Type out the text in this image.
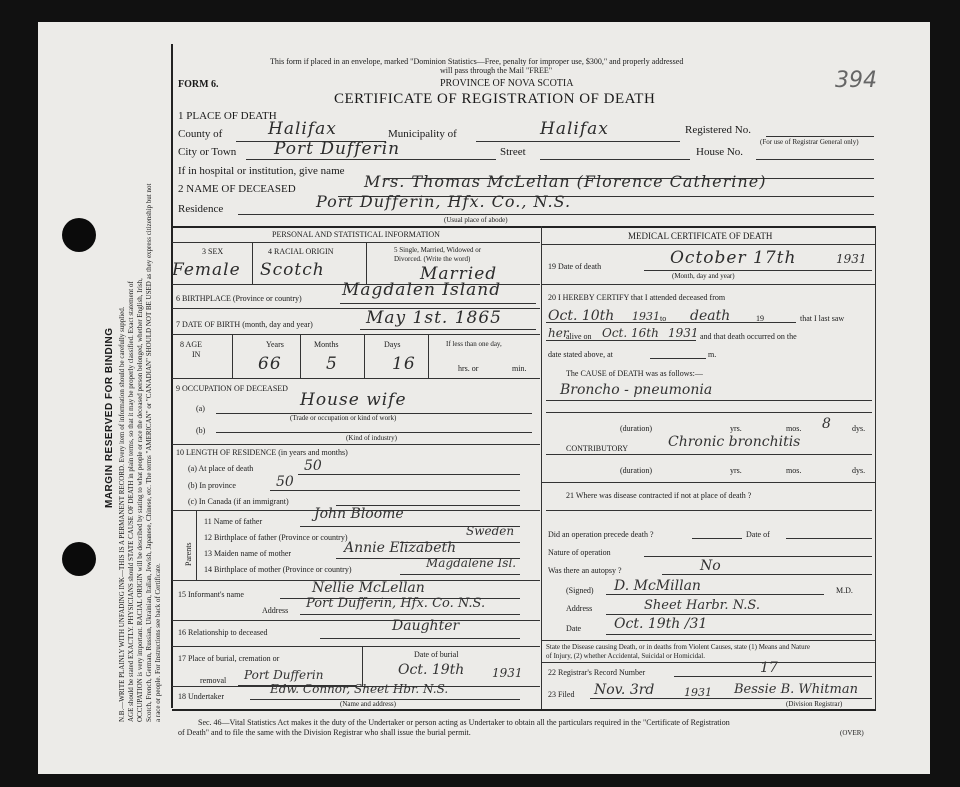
MARGIN RESERVED FOR BINDING N.B.—WRITE PLAINLY WITH UNFADING INK—THIS IS A PERMANENT RECORD. Every item of information should be carefully supplied. AGE should be stated EXACTLY. PHYSICIANS should STATE CAUSE OF DEATH in plain terms, so that it may be properly classified. Exact statement of OCCUPATION is very important. RACIAL ORIGIN will be described by stating to what people or race the deceased person belonged, whether English, Irish, Scotch, French, German, Russian, Ukrainian, Italian, Jewish, Japanese, Chinese, etc. The terms "AMERICAN" or "CANADIAN" SHOULD NOT BE USED as they express citizenship but not a race or people. For Instructions see back of Certificate.
This form if placed in an envelope, marked "Dominion Statistics—Free, penalty for improper use, $300," and properly addressed
will pass through the Mail "FREE"	394
FORM 6.	PROVINCE OF NOVA SCOTIA
CERTIFICATE OF REGISTRATION OF DEATH
1 PLACE OF DEATH
County of	Halifax	Municipality of	Halifax	Registered No.
(For use of Registrar General only)
City or Town Port Dufferin	Street	House No.
If in hospital or institution, give name
2 NAME OF DECEASED	Mrs. Thomas McLellan (Florence Catherine)
Residence	Port Dufferin, Hfx. Co., N.S.
(Usual place of abode)
PERSONAL AND STATISTICAL INFORMATION
3 SEX	4 RACIAL ORIGIN	5 Single, Married, Widowed or
Divorced. (Write the word)
Female Scotch	Married
6 BIRTHPLACE (Province or country) Magdalen Island
7 DATE OF BIRTH (month, day and year)	May 1st. 1865
8 AGE
IN
Years	Months	Days	If less than one day,
66	5	16	hrs. or	min.
9 OCCUPATION OF DECEASED
(a)	House wife
(Trade or occupation or kind of work)
(b)
(Kind of industry)
10 LENGTH OF RESIDENCE (in years and months)
(a) At place of death	50
(b) In province	50
(c) In Canada (if an immigrant)
Parents
11 Name of father	John Bloome
12 Birthplace of father (Province or country)	Sweden
13 Maiden name of mother	Annie Elizabeth
14 Birthplace of mother (Province or country)	Magdalene Isl.
15 Informant's name	Nellie McLellan
Address Port Dufferin, Hfx. Co. N.S.
16 Relationship to deceased	Daughter
17 Place of burial, cremation or
removal Port Dufferin
Date of burial
Oct. 19th 1931
18 Undertaker
Edw. Connor, Sheet Hbr. N.S.
(Name and address)
MEDICAL CERTIFICATE OF DEATH
19 Date of death	October 17th	1931
(Month, day and year)
20 I HEREBY CERTIFY that I attended deceased from
Oct. 10th 1931 to death	19	that I last saw
her
alive on Oct. 16th 1931 and that death occurred on the
date stated above, at	m.
The CAUSE of DEATH was as follows:—
Broncho - pneumonia
(duration)	yrs.	mos. 8	dys.
CONTRIBUTORY	Chronic bronchitis
(duration)	yrs.	mos.	dys.
21 Where was disease contracted if not at place of death ?
Did an operation precede death ?	Date of
Nature of operation
Was there an autopsy ?	No
(Signed) D. McMillan	M.D.
Address	Sheet Harbr. N.S.
Date Oct. 19th /31
State the Disease causing Death, or in deaths from Violent Causes, state (1) Means and Nature
of Injury, (2) whether Accidental, Suicidal or Homicidal.
22 Registrar's Record Number	17
23 Filed Nov. 3rd	1931 Bessie B. Whitman
(Division Registrar)
Sec. 46—Vital Statistics Act makes it the duty of the Undertaker or person acting as Undertaker to obtain all the particulars required in the "Certificate of Registration
of Death" and to file the same with the Division Registrar who shall issue the burial permit.	(OVER)
